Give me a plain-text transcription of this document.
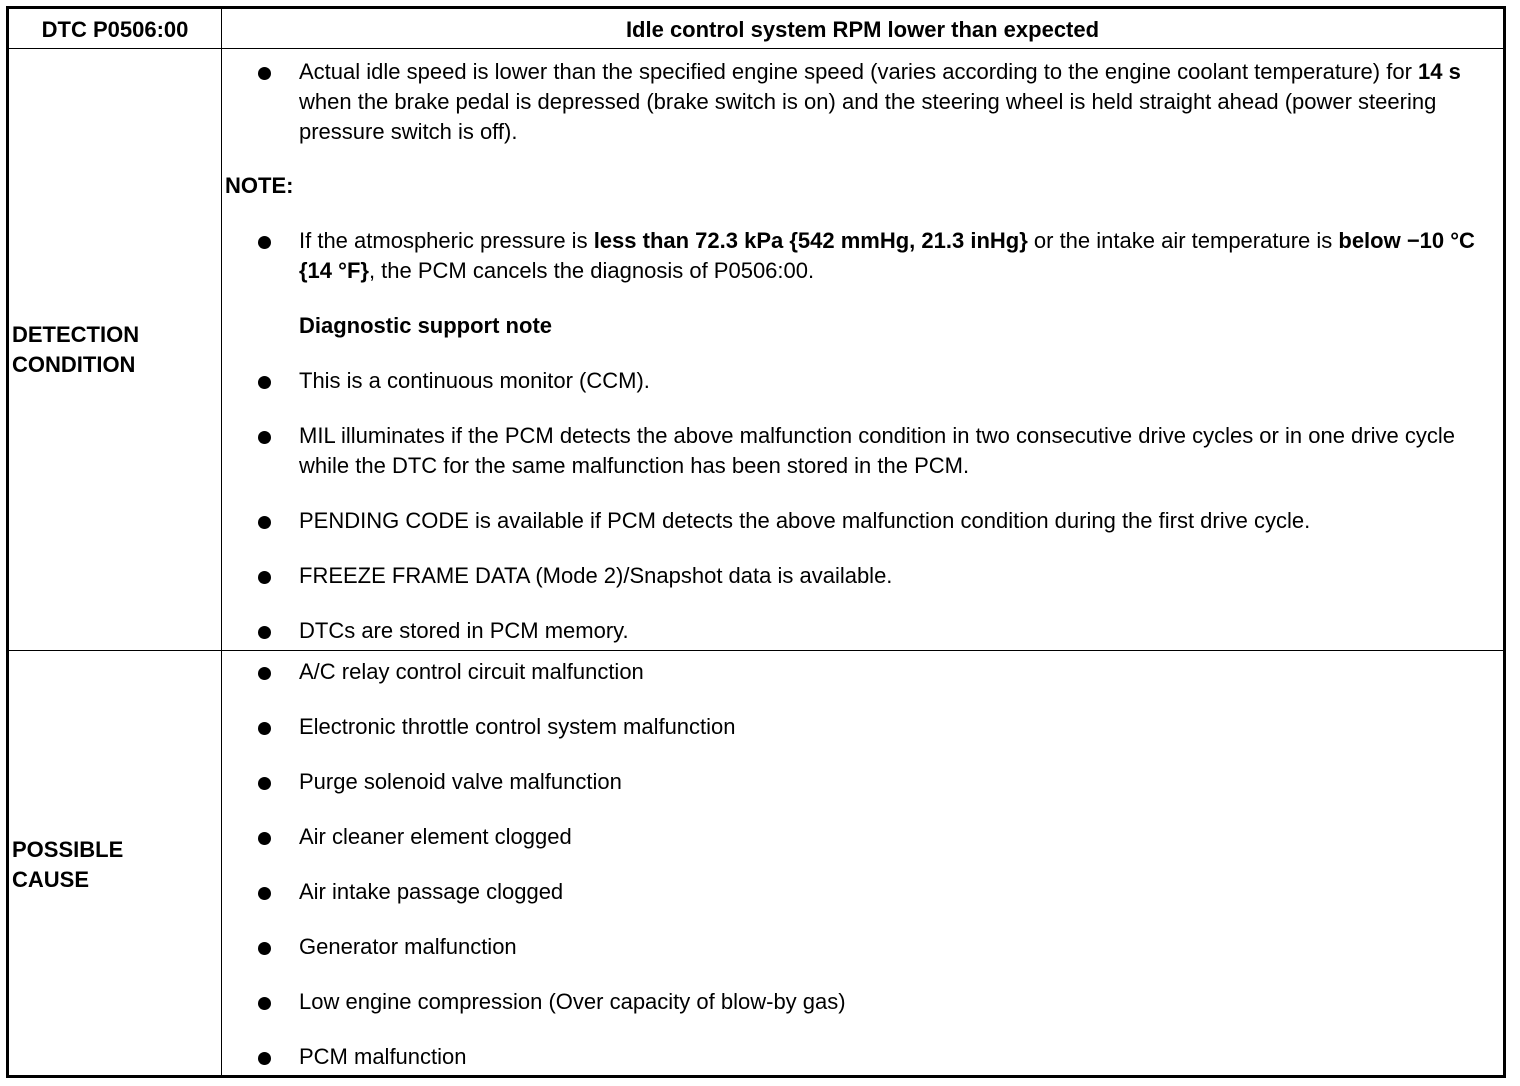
DTC P0506:00	Idle control system RPM lower than expected
DETECTION
CONDITION
POSSIBLE
CAUSE
Actual idle speed is lower than the specified engine speed (varies according to the engine coolant temperature) for 14 s when the brake pedal is depressed (brake switch is on) and the steering wheel is held straight ahead (power steering pressure switch is off).
NOTE:
If the atmospheric pressure is less than 72.3 kPa {542 mmHg, 21.3 inHg} or the intake air temperature is below −10 °C {14 °F}, the PCM cancels the diagnosis of P0506:00.
Diagnostic support note
This is a continuous monitor (CCM).
MIL illuminates if the PCM detects the above malfunction condition in two consecutive drive cycles or in one drive cycle while the DTC for the same malfunction has been stored in the PCM.
PENDING CODE is available if PCM detects the above malfunction condition during the first drive cycle.
FREEZE FRAME DATA (Mode 2)/Snapshot data is available.
DTCs are stored in PCM memory.
A/C relay control circuit malfunction
Electronic throttle control system malfunction
Purge solenoid valve malfunction
Air cleaner element clogged
Air intake passage clogged
Generator malfunction
Low engine compression (Over capacity of blow-by gas)
PCM malfunction
